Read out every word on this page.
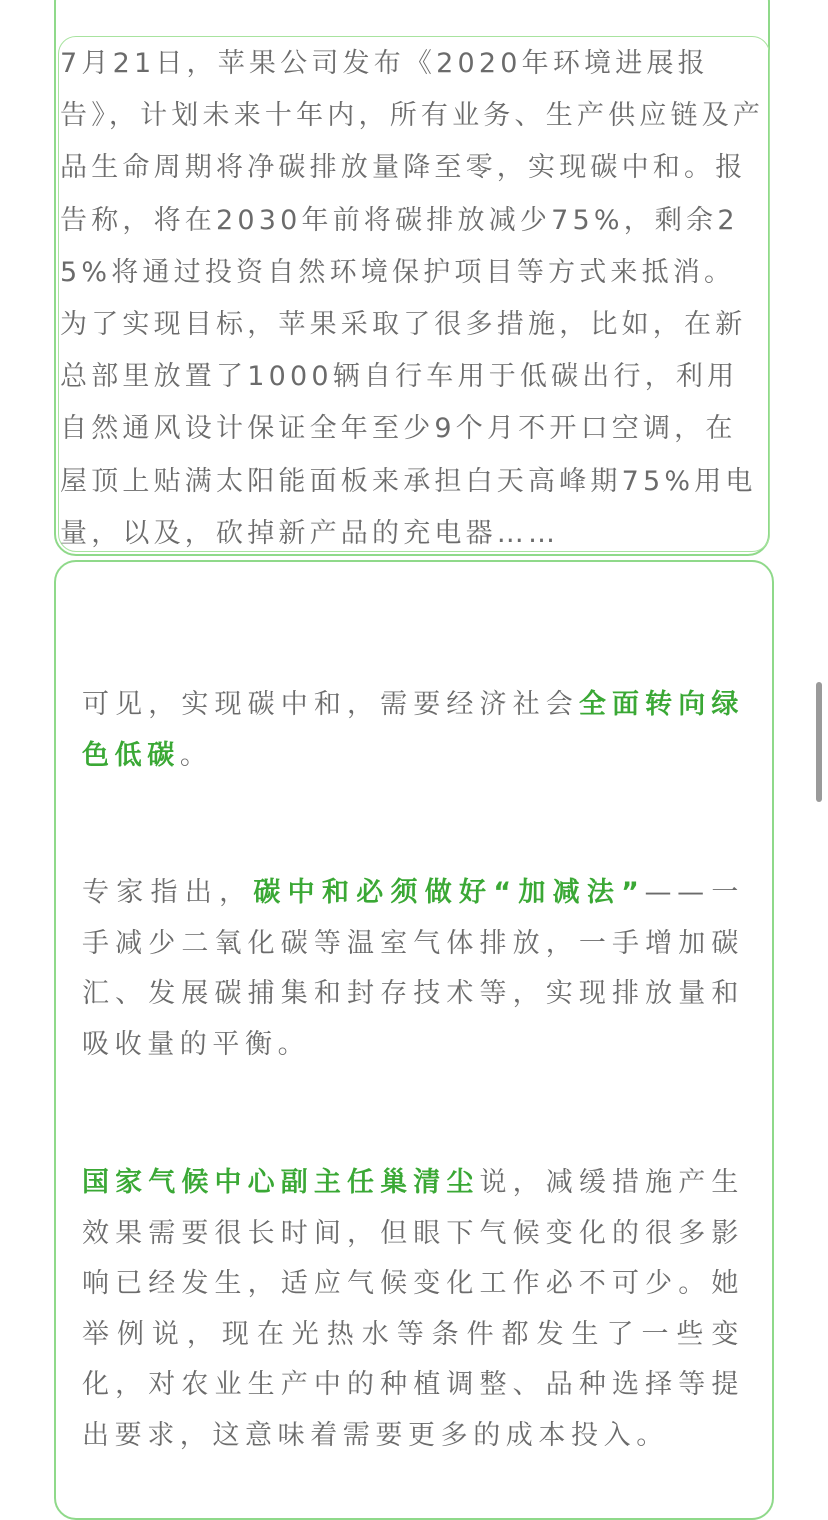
7月21日，苹果公司发布《2020年环境进展报告》，计划未来十年内，所有业务、生产供应链及产品生命周期将净碳排放量降至零，实现碳中和。报告称，将在2030年前将碳排放减少75%，剩余25%将通过投资自然环境保护项目等方式来抵消。为了实现目标，苹果采取了很多措施，比如，在新总部里放置了1000辆自行车用于低碳出行，利用自然通风设计保证全年至少9个月不开口空调，在屋顶上贴满太阳能面板来承担白天高峰期75%用电量，以及，砍掉新产品的充电器……

可见，实现碳中和，需要经济社会全面转向绿色低碳。

专家指出，碳中和必须做好“加减法”——一手减少二氧化碳等温室气体排放，一手增加碳汇、发展碳捕集和封存技术等，实现排放量和吸收量的平衡。

国家气候中心副主任巢清尘说，减缓措施产生效果需要很长时间，但眼下气候变化的很多影响已经发生，适应气候变化工作必不可少。她举例说，现在光热水等条件都发生了一些变化，对农业生产中的种植调整、品种选择等提出要求，这意味着需要更多的成本投入。
